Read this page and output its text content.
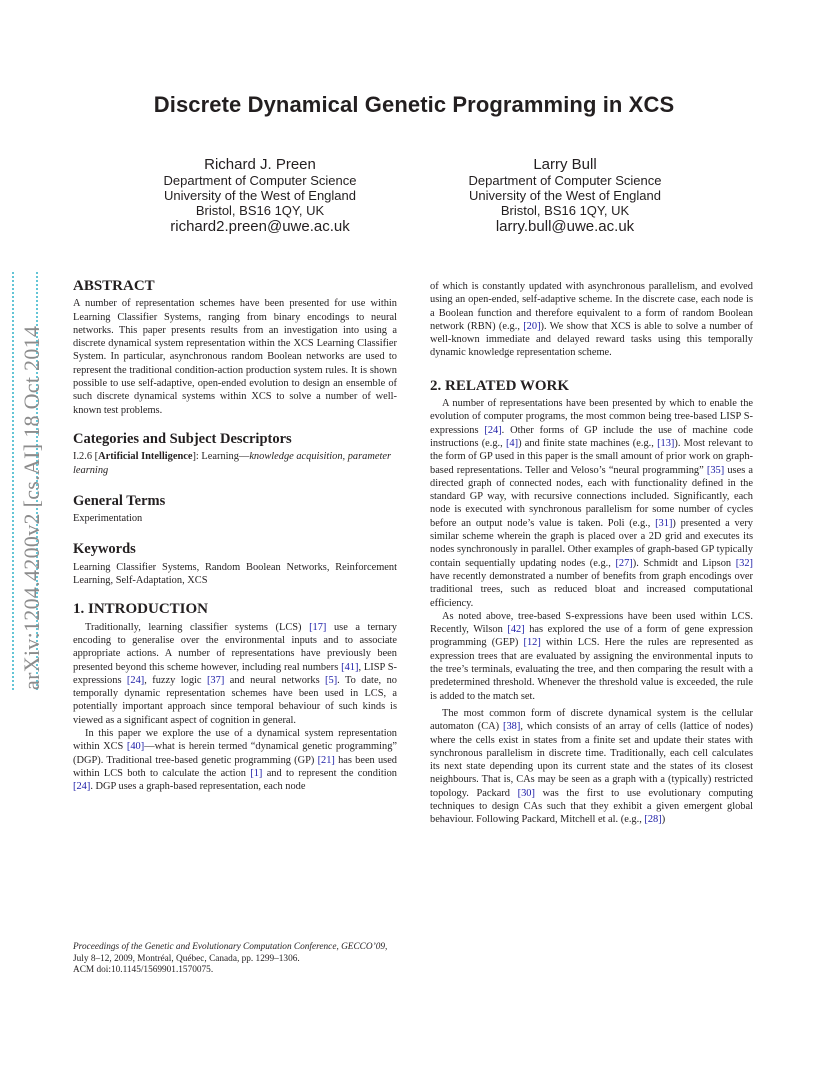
Discrete Dynamical Genetic Programming in XCS
Richard J. Preen
Department of Computer Science
University of the West of England
Bristol, BS16 1QY, UK
richard2.preen@uwe.ac.uk
Larry Bull
Department of Computer Science
University of the West of England
Bristol, BS16 1QY, UK
larry.bull@uwe.ac.uk
arXiv:1204.4200v2 [cs.AI] 18 Oct 2014
ABSTRACT

A number of representation schemes have been presented for use within Learning Classifier Systems, ranging from binary encodings to neural networks. This paper presents results from an investigation into using a discrete dynamical system representation within the XCS Learning Classifier System. In particular, asynchronous random Boolean networks are used to represent the traditional condition-action production system rules. It is shown possible to use self-adaptive, open-ended evolution to design an ensemble of such discrete dynamical systems within XCS to solve a number of well-known test problems.

Categories and Subject Descriptors

I.2.6 [Artificial Intelligence]: Learning—knowledge acquisition, parameter learning

General Terms

Experimentation

Keywords

Learning Classifier Systems, Random Boolean Networks, Reinforcement Learning, Self-Adaptation, XCS

1. INTRODUCTION

Traditionally, learning classifier systems (LCS) [17] use a ternary encoding to generalise over the environmental inputs and to associate appropriate actions. A number of representations have previously been presented beyond this scheme however, including real numbers [41], LISP S-expressions [24], fuzzy logic [37] and neural networks [5]. To date, no temporally dynamic representation schemes have been used in LCS, a potentially important approach since temporal behaviour of such kinds is viewed as a significant aspect of cognition in general.

In this paper we explore the use of a dynamical system representation within XCS [40]—what is herein termed “dynamical genetic programming” (DGP). Traditional tree-based genetic programming (GP) [21] has been used within LCS both to calculate the action [1] and to represent the condition [24]. DGP uses a graph-based representation, each node

Proceedings of the Genetic and Evolutionary Computation Conference, GECCO’09, July 8–12, 2009, Montréal, Québec, Canada, pp. 1299–1306.
ACM doi:10.1145/1569901.1570075.

of which is constantly updated with asynchronous parallelism, and evolved using an open-ended, self-adaptive scheme. In the discrete case, each node is a Boolean function and therefore equivalent to a form of random Boolean network (RBN) (e.g., [20]). We show that XCS is able to solve a number of well-known immediate and delayed reward tasks using this temporally dynamic knowledge representation scheme.

2. RELATED WORK

A number of representations have been presented by which to enable the evolution of computer programs, the most common being tree-based LISP S-expressions [24]. Other forms of GP include the use of machine code instructions (e.g., [4]) and finite state machines (e.g., [13]). Most relevant to the form of GP used in this paper is the small amount of prior work on graph-based representations. Teller and Veloso’s “neural programming” [35] uses a directed graph of connected nodes, each with functionality defined in the standard GP way, with recursive connections included. Significantly, each node is executed with synchronous parallelism for some number of cycles before an output node’s value is taken. Poli (e.g., [31]) presented a very similar scheme wherein the graph is placed over a 2D grid and executes its nodes synchronously in parallel. Other examples of graph-based GP typically contain sequentially updating nodes (e.g., [27]). Schmidt and Lipson [32] have recently demonstrated a number of benefits from graph encodings over traditional trees, such as reduced bloat and increased computational efficiency.

As noted above, tree-based S-expressions have been used within LCS. Recently, Wilson [42] has explored the use of a form of gene expression programming (GEP) [12] within LCS. Here the rules are represented as expression trees that are evaluated by assigning the environmental inputs to the tree’s terminals, evaluating the tree, and then comparing the result with a predetermined threshold. Whenever the threshold value is exceeded, the rule is added to the match set.

The most common form of discrete dynamical system is the cellular automaton (CA) [38], which consists of an array of cells (lattice of nodes) where the cells exist in states from a finite set and update their states with synchronous parallelism in discrete time. Traditionally, each cell calculates its next state depending upon its current state and the states of its closest neighbours. That is, CAs may be seen as a graph with a (typically) restricted topology. Packard [30] was the first to use evolutionary computing techniques to design CAs such that they exhibit a given emergent global behaviour. Following Packard, Mitchell et al. (e.g., [28])
